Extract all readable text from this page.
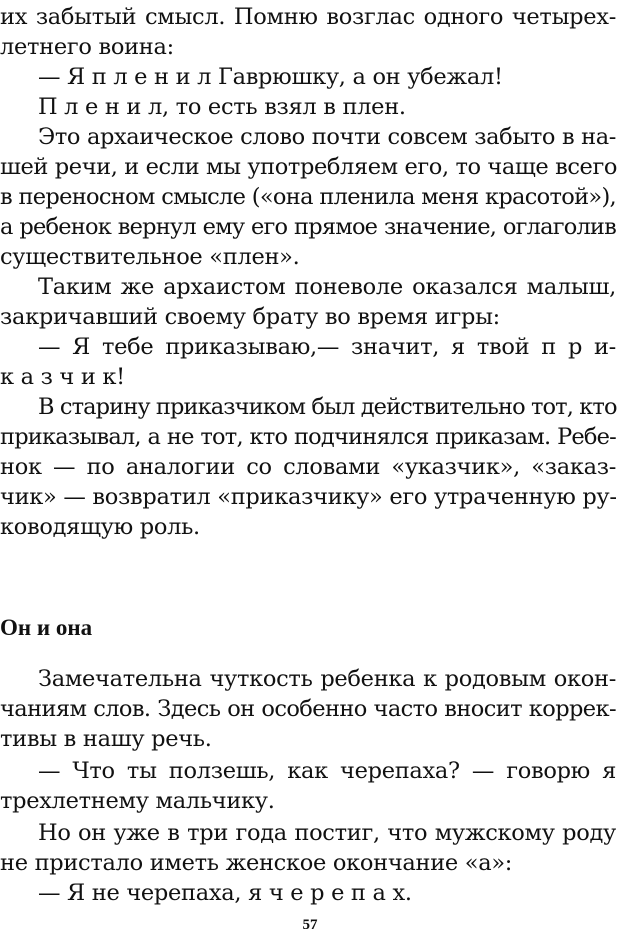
их забытый смысл. Помню возглас одного четырех-
летнего воина:
— Я п л е н и л Гаврюшку, а он убежал!
П л е н и л, то есть взял в плен.
Это архаическое слово почти совсем забыто в на-
шей речи, и если мы употребляем его, то чаще всего
в переносном смысле («она пленила меня красотой»),
а ребенок вернул ему его прямое значение, оглаголив
существительное «плен».
Таким же архаистом поневоле оказался малыш,
закричавший своему брату во время игры:
— Я тебе приказываю,— значит, я твой п р и-
к а з ч и к!
В старину приказчиком был действительно тот, кто
приказывал, а не тот, кто подчинялся приказам. Ребе-
нок — по аналогии со словами «указчик», «заказ-
чик» — возвратил «приказчику» его утраченную ру-
ководящую роль.
Он и она
Замечательна чуткость ребенка к родовым окон-
чаниям слов. Здесь он особенно часто вносит коррек-
тивы в нашу речь.
— Что ты ползешь, как черепаха? — говорю я
трехлетнему мальчику.
Но он уже в три года постиг, что мужскому роду
не пристало иметь женское окончание «а»:
— Я не черепаха, я ч е р е п а х.
57
